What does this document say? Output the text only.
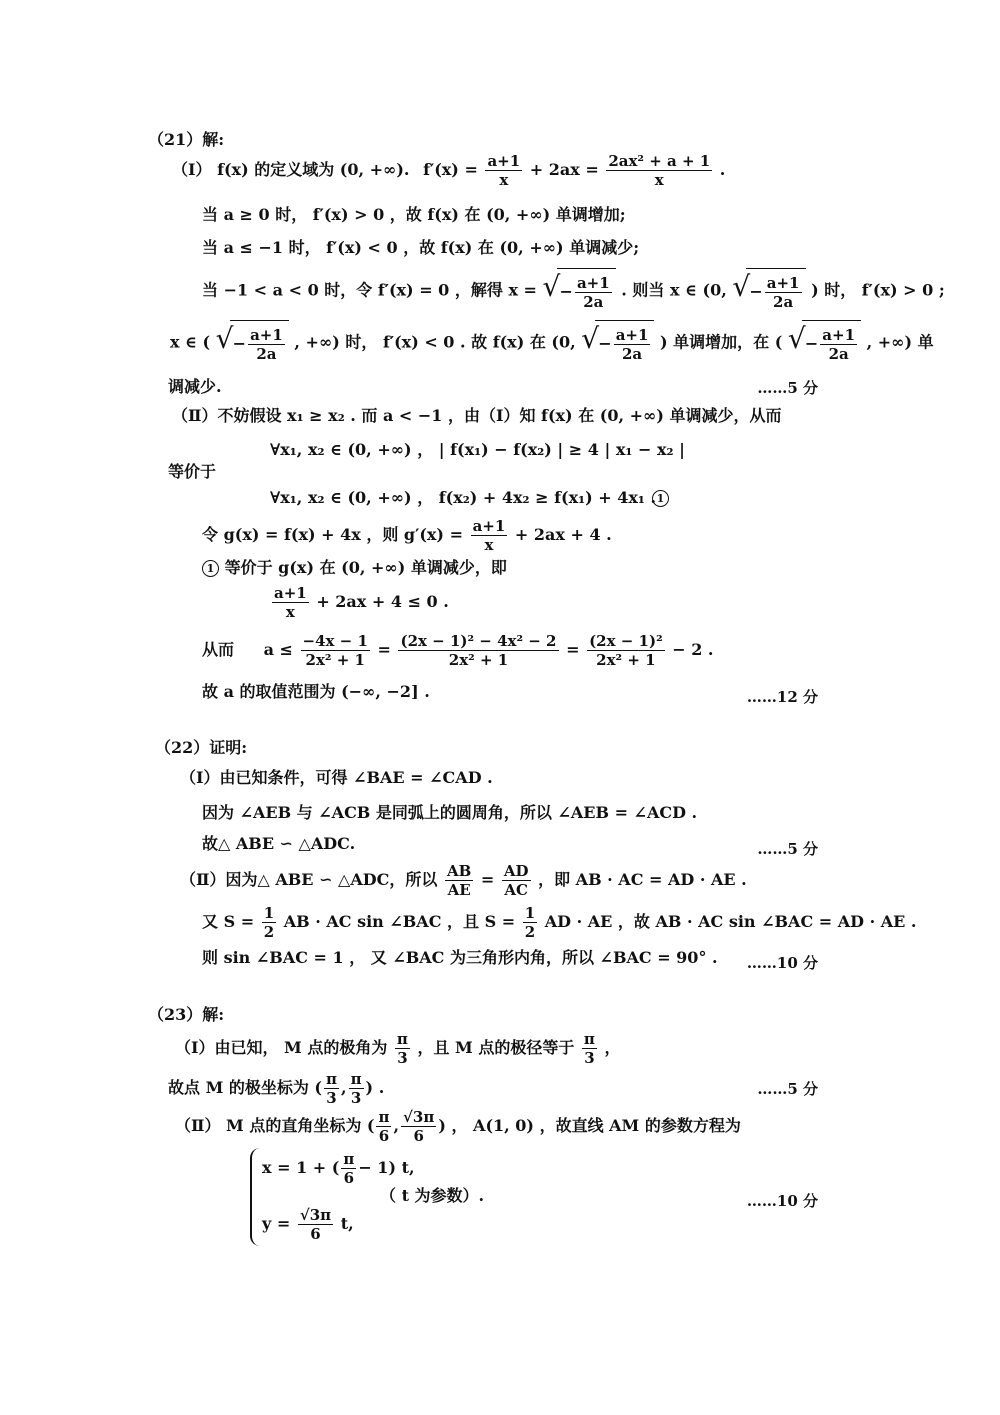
（21）解:
（Ⅰ） f(x) 的定义域为 (0, +∞). $f'(x) = \frac{a+1}{x} + 2ax = \frac{\text{2ax² + a + 1}}{x}$ .
当 a ≥ 0 时， f′(x) > 0 ，故 f(x) 在 (0, +∞) 单调增加;
当 a ≤ −1 时， f′(x) < 0 ，故 f(x) 在 (0, +∞) 单调减少;
当 −1 < a < 0 时，令 f′(x) = 0 ，解得 x = √ − $\frac{a+1}{2a}$ . 则当 x ∈ (0, √ − $\frac{a+1}{2a}$ ) 时， f′(x) > 0 ;
x ∈ ( √ − $\frac{a+1}{2a}$ , +∞) 时， f′(x) < 0 . 故 f(x) 在 (0, √ − $\frac{a+1}{2a}$ ) 单调增加，在 ( √ − $\frac{a+1}{2a}$ , +∞) 单
调减少.	……5 分
（Ⅱ）不妨假设 x₁ ≥ x₂ . 而 a < −1 ，由（Ⅰ）知 f(x) 在 (0, +∞) 单调减少，从而
∀x₁, x₂ ∈ (0, +∞) ， | f(x₁) − f(x₂) | ≥ 4 | x₁ − x₂ |
等价于
∀x₁, x₂ ∈ (0, +∞) ， f(x₂) + 4x₂ ≥ f(x₁) + 4x₁ . 1
令 g(x) = f(x) + 4x ，则 $g'(x) = \frac{a+1}{x} + 2ax + 4$ .
1 等价于 g(x) 在 (0, +∞) 单调减少，即
$\frac{a+1}{x} + 2ax + 4 \le 0$ .
从而 $a \le \frac{-4x - 1}{\text{2x² + 1}} = \frac{\text{(2x − 1)² − 4x² − 2}}{\text{2x² + 1}} = \frac{\text{(2x − 1)²}}{\text{2x² + 1}} - 2$ .
故 a 的取值范围为 (−∞, −2] .	……12 分
（22）证明:
（Ⅰ）由已知条件，可得 ∠BAE = ∠CAD .
因为 ∠AEB 与 ∠ACB 是同弧上的圆周角，所以 ∠AEB = ∠ACD .
故△ ABE ∽ △ADC.	……5 分
（Ⅱ）因为△ ABE ∽ △ADC，所以 $\frac{AB}{AE} = \frac{AD}{AC}$ ，即 AB · AC = AD · AE .
又 $S = \frac{1}{2}$ AB · AC sin ∠BAC ，且 $S = \frac{1}{2}$ AD · AE ，故 AB · AC sin ∠BAC = AD · AE .
则 sin ∠BAC = 1 ， 又 ∠BAC 为三角形内角，所以 ∠BAC = 90° . ……10 分
（23）解:
（Ⅰ）由已知， M 点的极角为 $\frac{\pi}{3}$ ，且 M 点的极径等于 $\frac{\pi}{3}$ ，
故点 M 的极坐标为 ( $\frac{\pi}{3}$ , $\frac{\pi}{3}$ ) .	……5 分
（Ⅱ） M 点的直角坐标为 ( $\frac{\pi}{6}$ , $\frac{√3\pi}{6}$ ) ， A(1, 0) ，故直线 AM 的参数方程为
x = 1 + ( $\frac{\pi}{6} - 1$) t,
（ t 为参数）.
$y = \frac{√3\pi}{6} t$,
……10 分
